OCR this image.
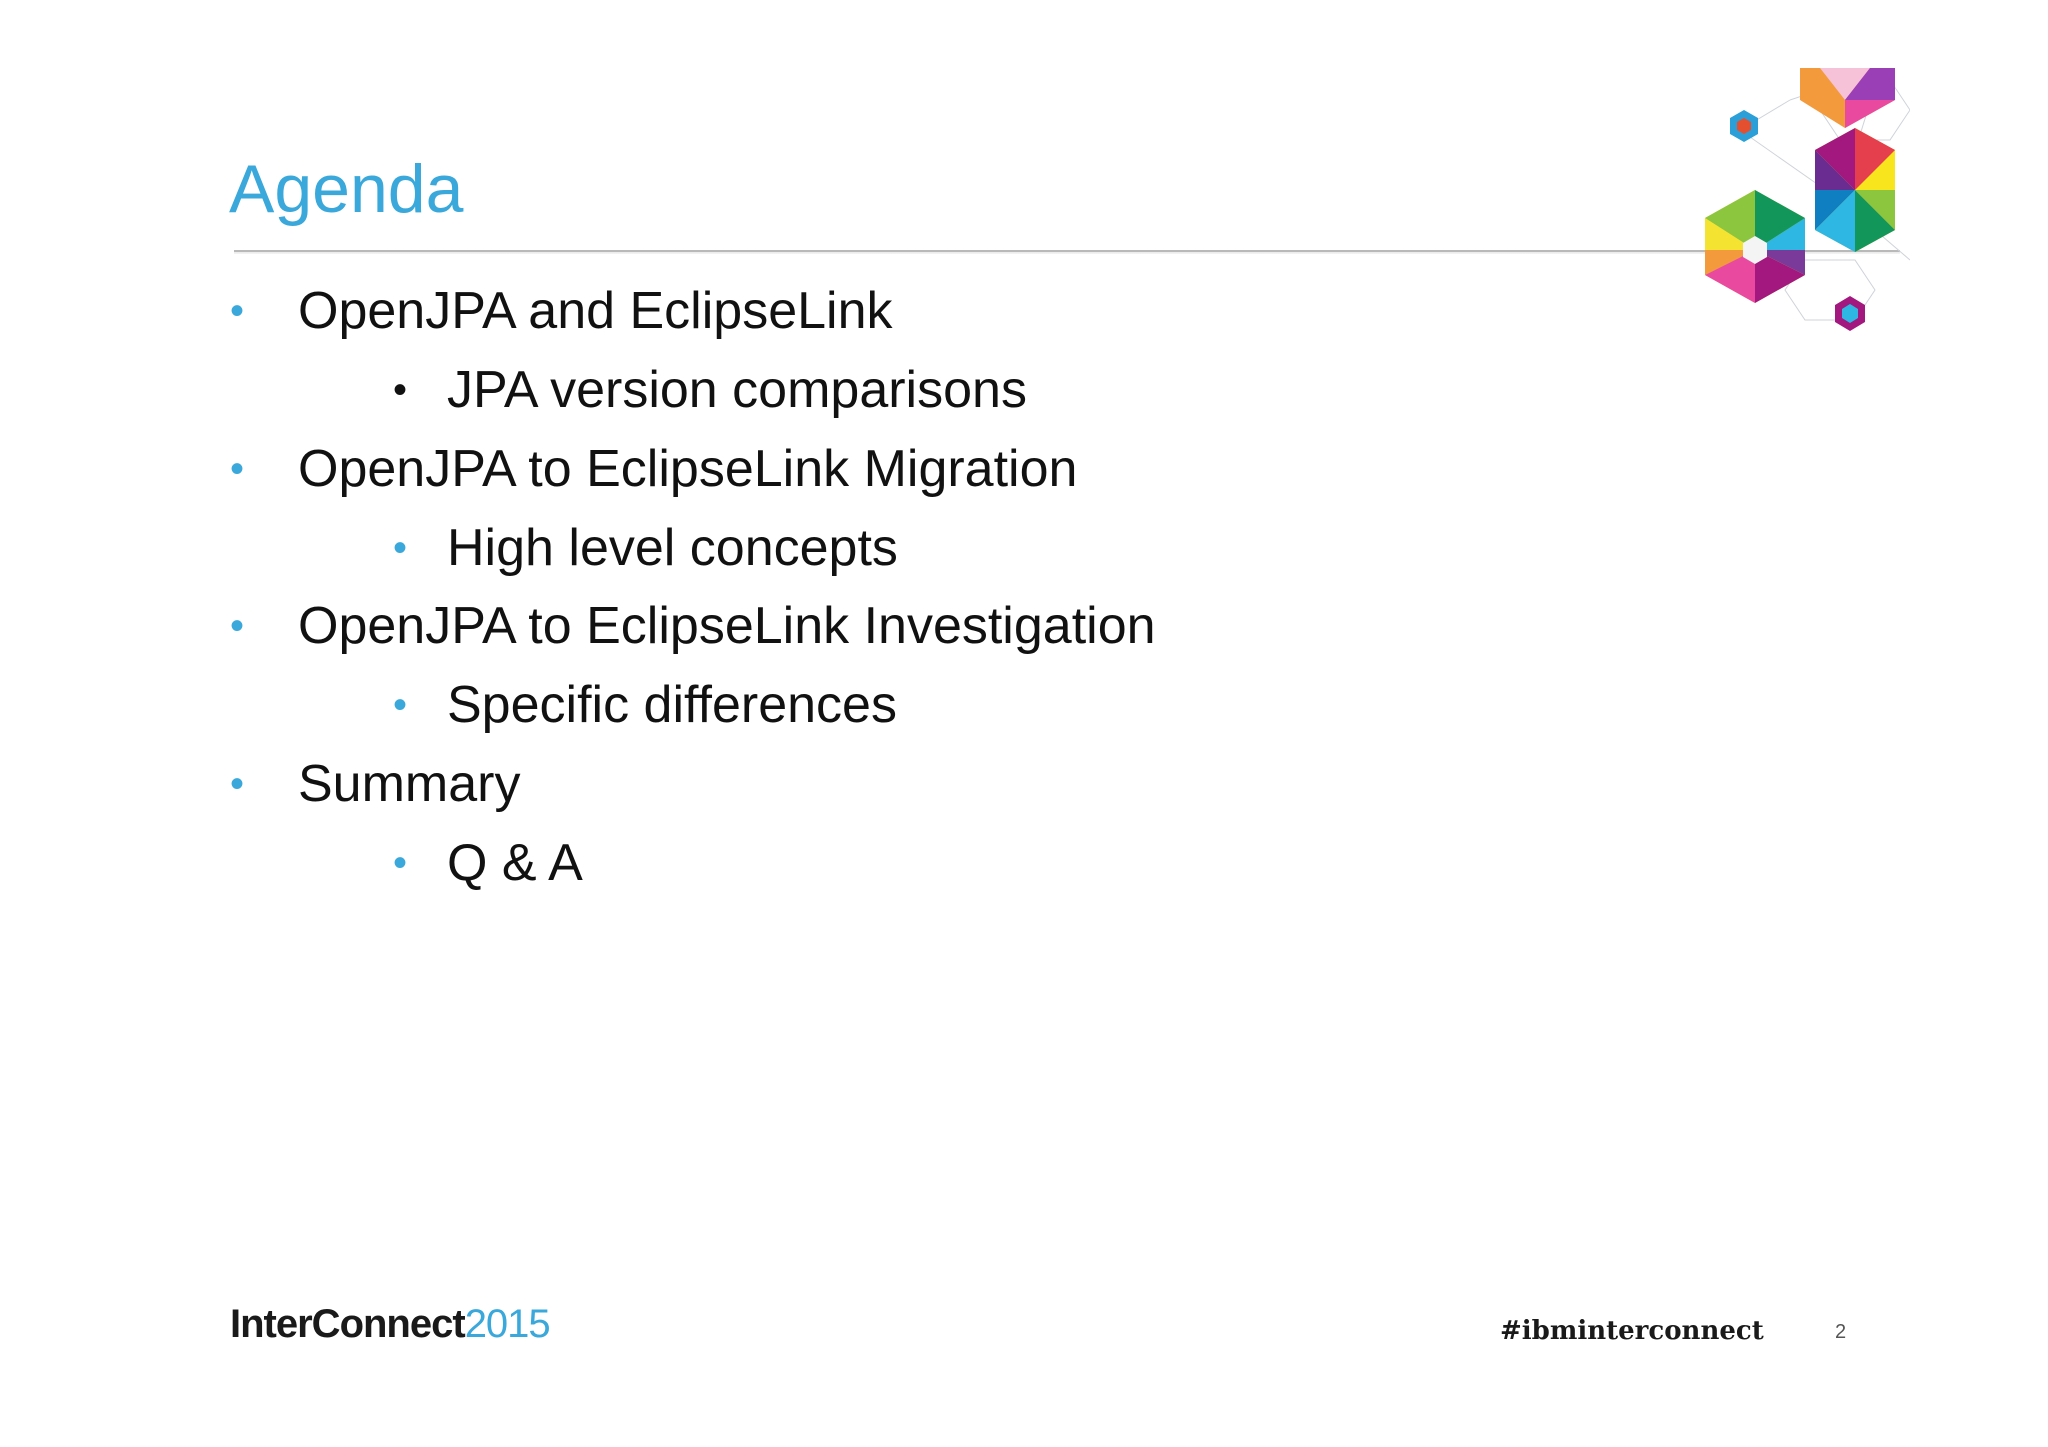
Agenda
• OpenJPA and EclipseLink
• JPA version comparisons
• OpenJPA to EclipseLink Migration
• High level concepts
• OpenJPA to EclipseLink Investigation
• Specific differences
• Summary
• Q & A
InterConnect2015	#ibminterconnect	2
